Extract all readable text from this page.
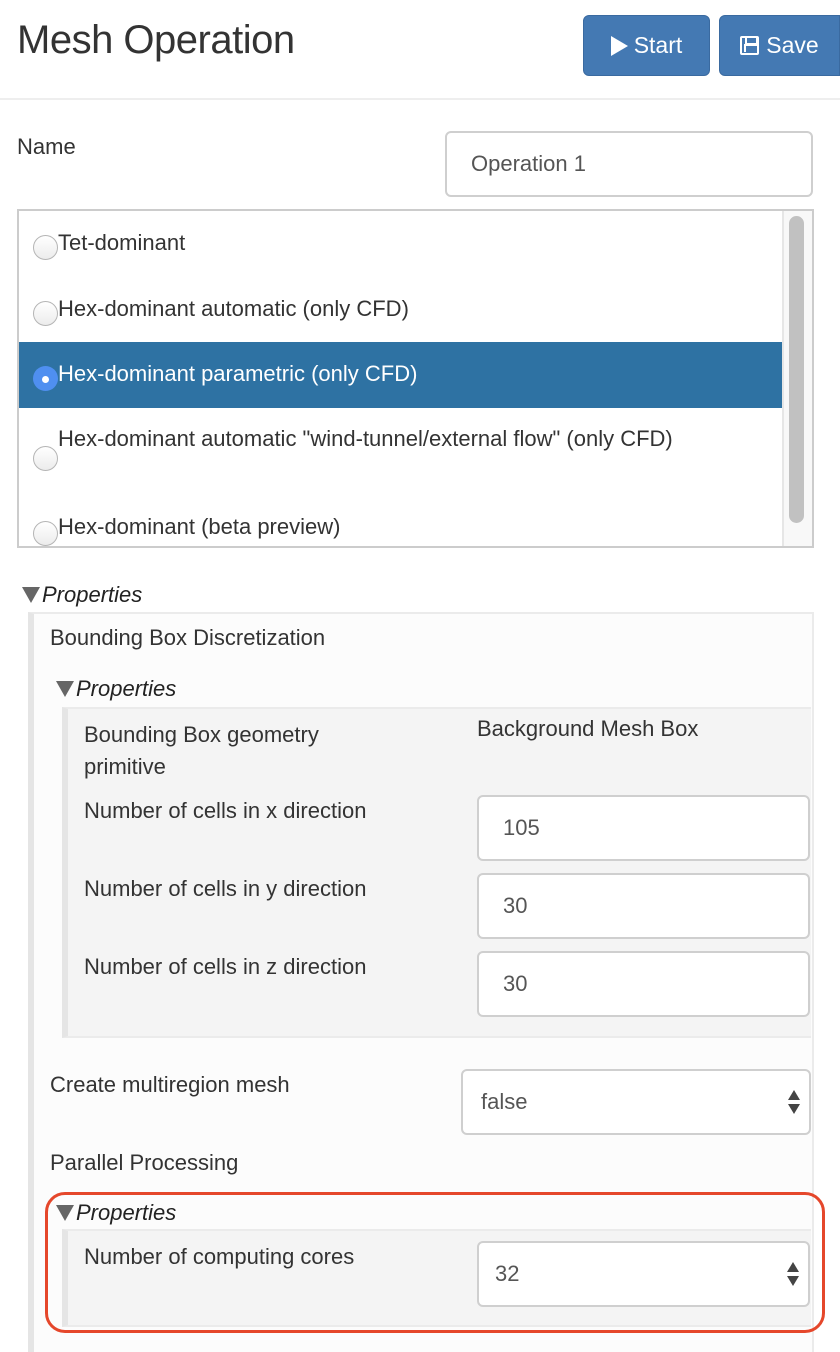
Mesh Operation	Start	Save
Name
Operation 1
Tet-dominant
Hex-dominant automatic (only CFD)
Hex-dominant parametric (only CFD)
Hex-dominant automatic "wind-tunnel/external flow" (only CFD)
Hex-dominant (beta preview)
Properties
Bounding Box Discretization
Properties
Bounding Box geometry primitive
Background Mesh Box
Number of cells in x direction
105
Number of cells in y direction
30
Number of cells in z direction
30
Create multiregion mesh
false
Parallel Processing
Properties
Number of computing cores
32
